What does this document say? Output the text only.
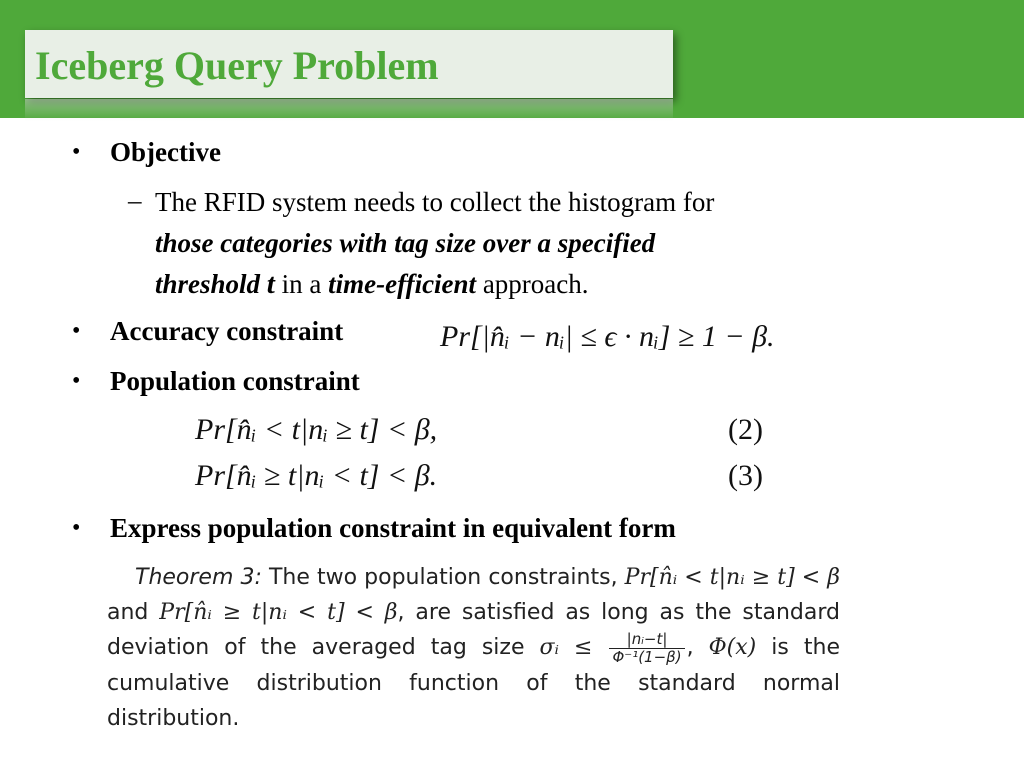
Iceberg Query Problem
• Objective
– The RFID system needs to collect the histogram for
those categories with tag size over a specified
threshold t in a time-efficient approach.
• Accuracy constraint	Pr[|n̂ᵢ − nᵢ| ≤ ϵ · nᵢ] ≥ 1 − β.
• Population constraint
Pr[n̂ᵢ < t|nᵢ ≥ t] < β,	(2)
Pr[n̂ᵢ ≥ t|nᵢ < t] < β.	(3)
• Express population constraint in equivalent form
Theorem 3: The two population constraints, Pr[n̂ᵢ < t|nᵢ ≥ t] < β and Pr[n̂ᵢ ≥ t|nᵢ < t] < β, are satisfied as long as the standard deviation of the averaged tag size σᵢ ≤ $\frac{\text{|nᵢ−t|}}{\text{Φ⁻¹(1−β)}}$ , Φ(x) is the cumulative distribution function of the standard normal distribution.
